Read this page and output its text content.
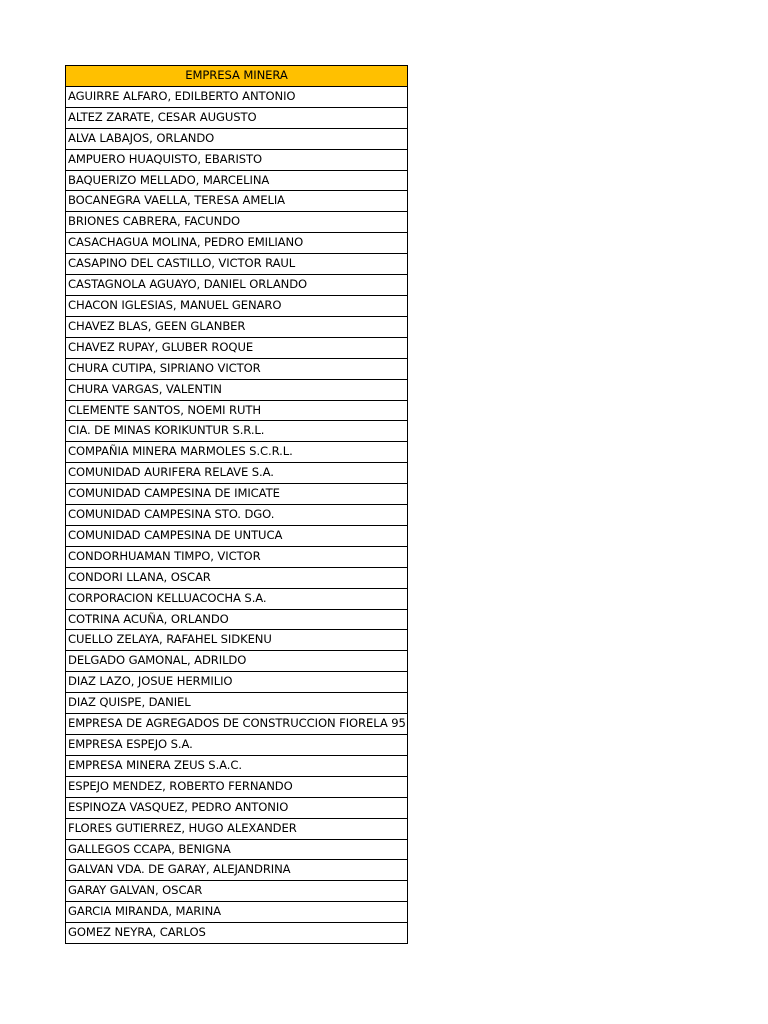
EMPRESA MINERA
AGUIRRE ALFARO, EDILBERTO ANTONIO
ALTEZ ZARATE, CESAR AUGUSTO
ALVA LABAJOS, ORLANDO
AMPUERO HUAQUISTO, EBARISTO
BAQUERIZO MELLADO, MARCELINA
BOCANEGRA VAELLA, TERESA AMELIA
BRIONES CABRERA, FACUNDO
CASACHAGUA MOLINA, PEDRO EMILIANO
CASAPINO DEL CASTILLO, VICTOR RAUL
CASTAGNOLA AGUAYO, DANIEL ORLANDO
CHACON IGLESIAS, MANUEL GENARO
CHAVEZ BLAS, GEEN GLANBER
CHAVEZ RUPAY, GLUBER ROQUE
CHURA CUTIPA, SIPRIANO VICTOR
CHURA VARGAS, VALENTIN
CLEMENTE SANTOS, NOEMI RUTH
CIA. DE MINAS KORIKUNTUR S.R.L.
COMPAÑIA MINERA MARMOLES S.C.R.L.
COMUNIDAD AURIFERA RELAVE S.A.
COMUNIDAD CAMPESINA DE IMICATE
COMUNIDAD CAMPESINA STO. DGO.
COMUNIDAD CAMPESINA DE UNTUCA
CONDORHUAMAN TIMPO, VICTOR
CONDORI LLANA, OSCAR
CORPORACION KELLUACOCHA S.A.
COTRINA ACUÑA, ORLANDO
CUELLO ZELAYA, RAFAHEL SIDKENU
DELGADO GAMONAL, ADRILDO
DIAZ LAZO, JOSUE HERMILIO
DIAZ QUISPE, DANIEL
EMPRESA DE AGREGADOS DE CONSTRUCCION FIORELA 95
EMPRESA ESPEJO S.A.
EMPRESA MINERA ZEUS S.A.C.
ESPEJO MENDEZ, ROBERTO FERNANDO
ESPINOZA VASQUEZ, PEDRO ANTONIO
FLORES GUTIERREZ, HUGO ALEXANDER
GALLEGOS CCAPA, BENIGNA
GALVAN VDA. DE GARAY, ALEJANDRINA
GARAY GALVAN, OSCAR
GARCIA MIRANDA, MARINA
GOMEZ NEYRA, CARLOS
